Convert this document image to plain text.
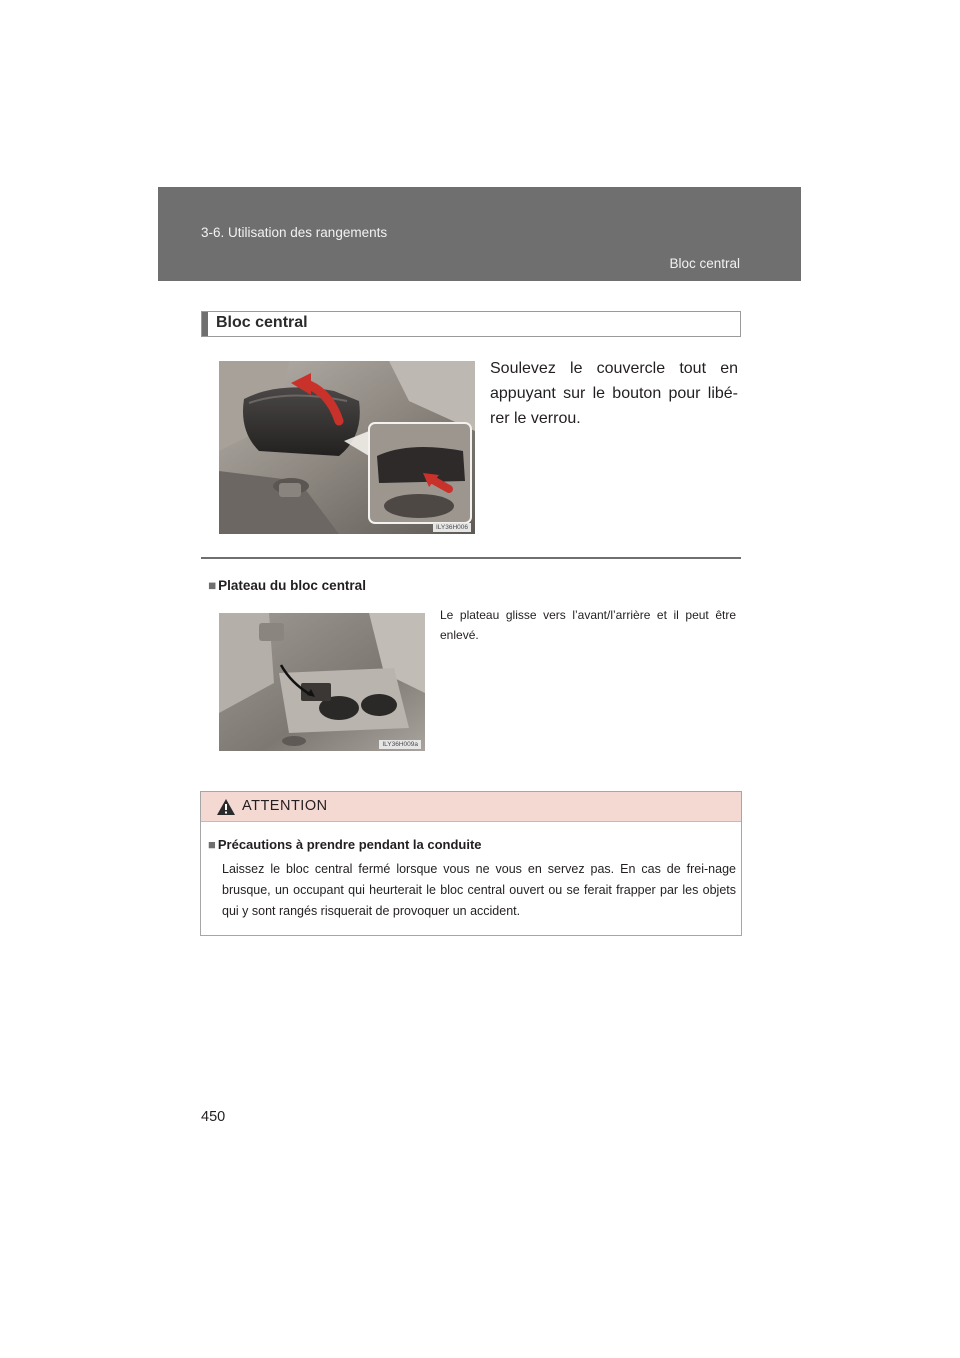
3-6. Utilisation des rangements
Bloc central
Bloc central
ILY36H006
Soulevez le couvercle tout en appuyant sur le bouton pour libé-rer le verrou.
■ Plateau du bloc central
ILY36H009a
Le plateau glisse vers l’avant/l’arrière et il peut être enlevé.
ATTENTION
■ Précautions à prendre pendant la conduite
Laissez le bloc central fermé lorsque vous ne vous en servez pas. En cas de frei-nage brusque, un occupant qui heurterait le bloc central ouvert ou se ferait frapper par les objets qui y sont rangés risquerait de provoquer un accident.
450
